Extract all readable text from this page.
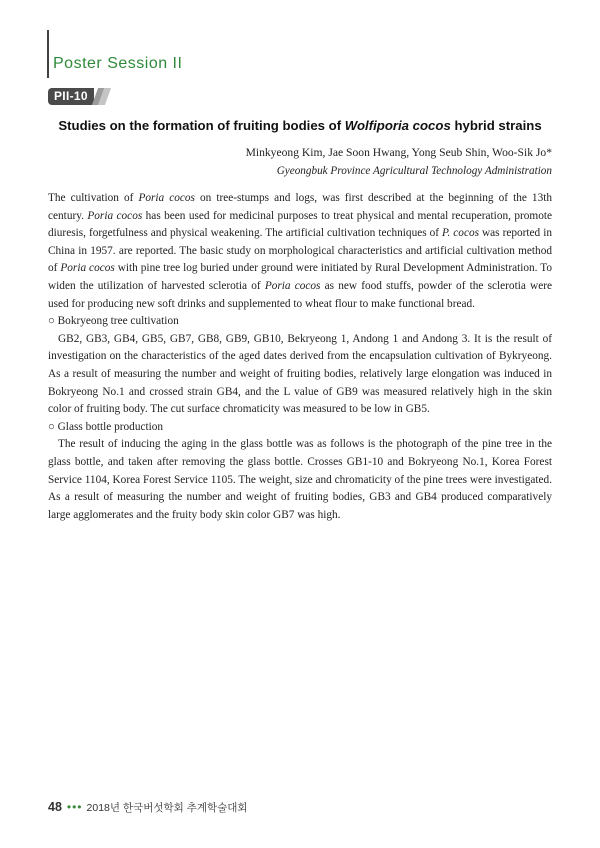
Poster Session II
PII-10
Studies on the formation of fruiting bodies of Wolfiporia cocos hybrid strains
Minkyeong Kim, Jae Soon Hwang, Yong Seub Shin, Woo-Sik Jo*
Gyeongbuk Province Agricultural Technology Administration

The cultivation of Poria cocos on tree-stumps and logs, was first described at the beginning of the 13th century. Poria cocos has been used for medicinal purposes to treat physical and mental recuperation, promote diuresis, forgetfulness and physical weakening. The artificial cultivation techniques of P. cocos was reported in China in 1957. are reported. The basic study on morphological characteristics and artificial cultivation method of Poria cocos with pine tree log buried under ground were initiated by Rural Development Administration. To widen the utilization of harvested sclerotia of Poria cocos as new food stuffs, powder of the sclerotia were used for producing new soft drinks and supplemented to wheat flour to make functional bread.

○ Bokryeong tree cultivation

GB2, GB3, GB4, GB5, GB7, GB8, GB9, GB10, Bekryeong 1, Andong 1 and Andong 3. It is the result of investigation on the characteristics of the aged dates derived from the encapsulation cultivation of Bykryeong. As a result of measuring the number and weight of fruiting bodies, relatively large elongation was induced in Bokryeong No.1 and crossed strain GB4, and the L value of GB9 was measured relatively high in the skin color of fruiting body. The cut surface chromaticity was measured to be low in GB5.

○ Glass bottle production

The result of inducing the aging in the glass bottle was as follows is the photograph of the pine tree in the glass bottle, and taken after removing the glass bottle. Crosses GB1-10 and Bokryeong No.1, Korea Forest Service 1104, Korea Forest Service 1105. The weight, size and chromaticity of the pine trees were investigated. As a result of measuring the number and weight of fruiting bodies, GB3 and GB4 produced comparatively large agglomerates and the fruity body skin color GB7 was high.

48 ••• 2018년 한국버섯학회 추계학술대회
